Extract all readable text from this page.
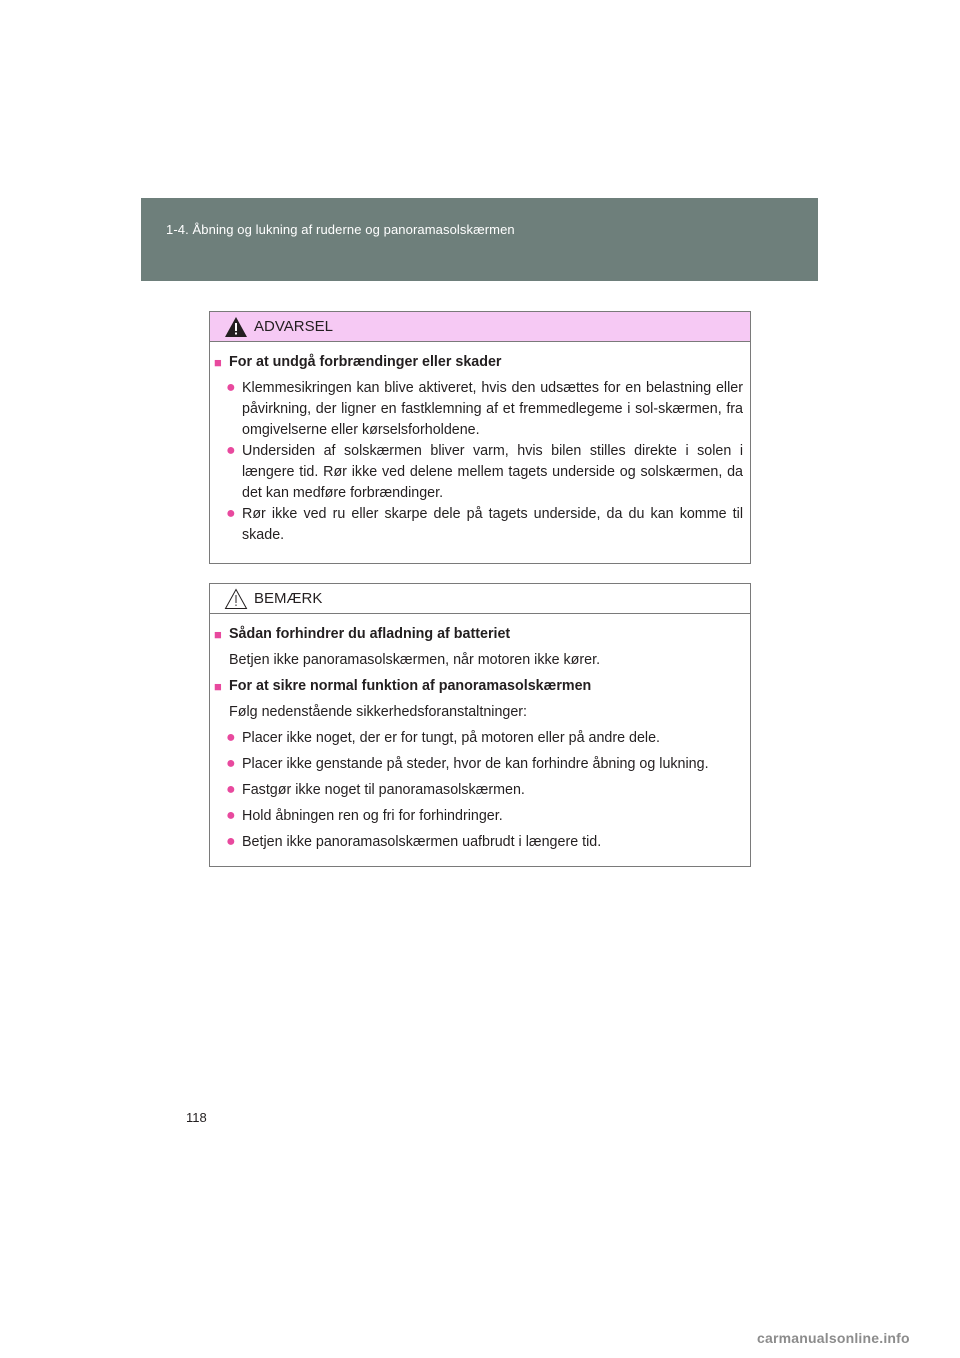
1-4. Åbning og lukning af ruderne og panoramasolskærmen
ADVARSEL
■ For at undgå forbrændinger eller skader
● Klemmesikringen kan blive aktiveret, hvis den udsættes for en belastning eller påvirkning, der ligner en fastklemning af et fremmedlegeme i sol-skærmen, fra omgivelserne eller kørselsforholdene.
● Undersiden af solskærmen bliver varm, hvis bilen stilles direkte i solen i længere tid. Rør ikke ved delene mellem tagets underside og solskærmen, da det kan medføre forbrændinger.
● Rør ikke ved ru eller skarpe dele på tagets underside, da du kan komme til skade.
BEMÆRK
■ Sådan forhindrer du afladning af batteriet
Betjen ikke panoramasolskærmen, når motoren ikke kører.
■ For at sikre normal funktion af panoramasolskærmen
Følg nedenstående sikkerhedsforanstaltninger:
● Placer ikke noget, der er for tungt, på motoren eller på andre dele.
● Placer ikke genstande på steder, hvor de kan forhindre åbning og lukning.
● Fastgør ikke noget til panoramasolskærmen.
● Hold åbningen ren og fri for forhindringer.
● Betjen ikke panoramasolskærmen uafbrudt i længere tid.
118
carmanualsonline.info
